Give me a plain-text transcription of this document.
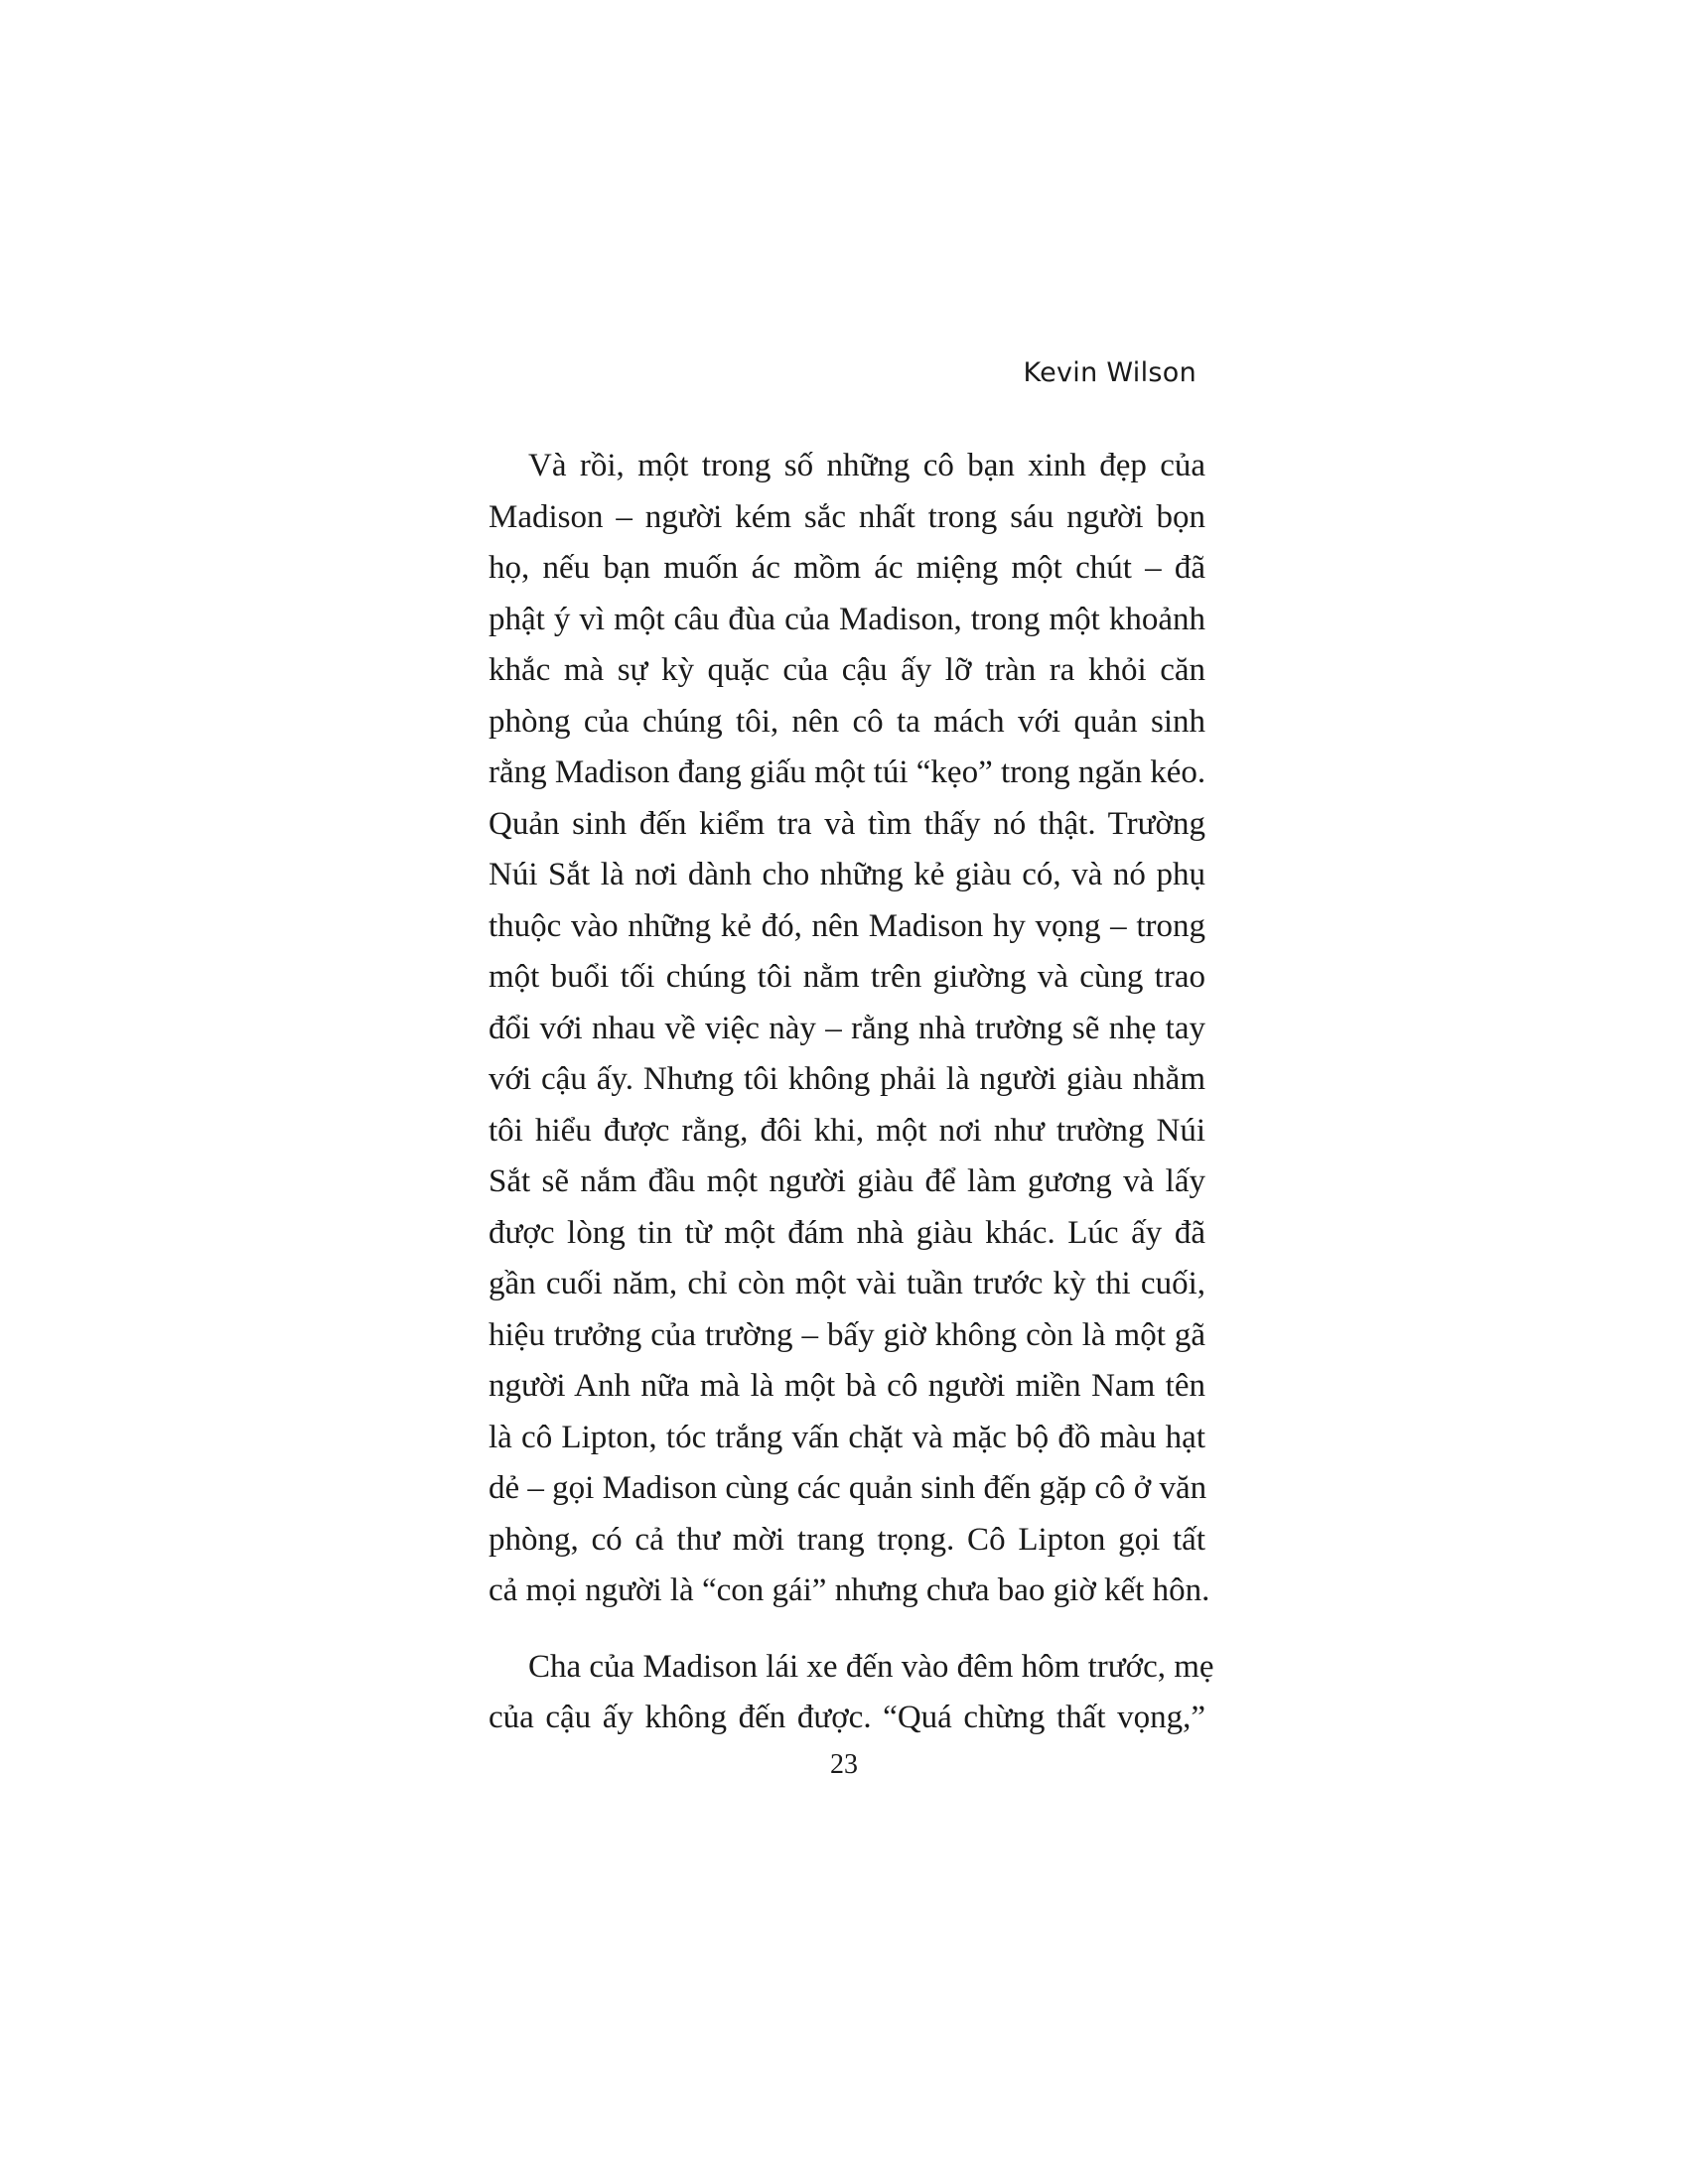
Kevin Wilson
Và rồi, một trong số những cô bạn xinh đẹp của
Madison – người kém sắc nhất trong sáu người bọn
họ, nếu bạn muốn ác mồm ác miệng một chút – đã
phật ý vì một câu đùa của Madison, trong một khoảnh
khắc mà sự kỳ quặc của cậu ấy lỡ tràn ra khỏi căn
phòng của chúng tôi, nên cô ta mách với quản sinh
rằng Madison đang giấu một túi “kẹo” trong ngăn kéo.
Quản sinh đến kiểm tra và tìm thấy nó thật. Trường
Núi Sắt là nơi dành cho những kẻ giàu có, và nó phụ
thuộc vào những kẻ đó, nên Madison hy vọng – trong
một buổi tối chúng tôi nằm trên giường và cùng trao
đổi với nhau về việc này – rằng nhà trường sẽ nhẹ tay
với cậu ấy. Nhưng tôi không phải là người giàu nhằm
tôi hiểu được rằng, đôi khi, một nơi như trường Núi
Sắt sẽ nắm đầu một người giàu để làm gương và lấy
được lòng tin từ một đám nhà giàu khác. Lúc ấy đã
gần cuối năm, chỉ còn một vài tuần trước kỳ thi cuối,
hiệu trưởng của trường – bấy giờ không còn là một gã
người Anh nữa mà là một bà cô người miền Nam tên
là cô Lipton, tóc trắng vấn chặt và mặc bộ đồ màu hạt
dẻ – gọi Madison cùng các quản sinh đến gặp cô ở văn
phòng, có cả thư mời trang trọng. Cô Lipton gọi tất
cả mọi người là “con gái” nhưng chưa bao giờ kết hôn.
Cha của Madison lái xe đến vào đêm hôm trước, mẹ
của cậu ấy không đến được. “Quá chừng thất vọng,”
23
